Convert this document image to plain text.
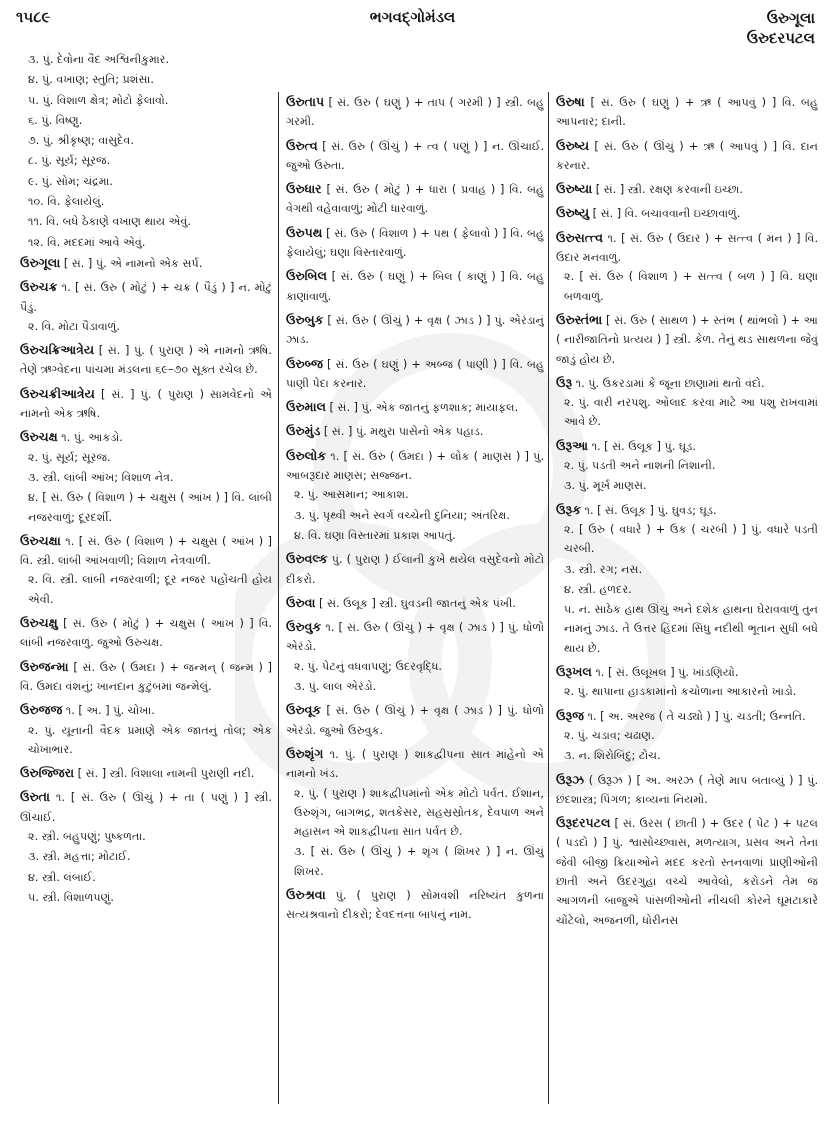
૧૫૮૯	ભગવદ્ગોમંડલ	ઉરુગૂલા
ઉરુદરપટલ
૩. પું. દેવોના વૈદ અશ્વિનીકુમાર.
૪. પું. વખાણ; સ્તુતિ; પ્રશંસા.
૫. પું. વિશાળ ક્ષેત્ર; મોટો ફેલાવો.
૬. પું. વિષ્ણુ.
૭. પું. શ્રીકૃષ્ણ; વાસુદેવ.
૮. પું. સૂર્ય; સૂરજ.
૯. પું. સોમ; ચંદ્રમા.
૧૦. વિ. ફેલાયેલું.
૧૧. વિ. બધે ઠેકાણે વખાણ થાય એવું.
૧૨. વિ. મદદમાં આવે એવું.
ઉરુગૂલા [ સં. ] પું. એ નામનો એક સર્પ.
ઉરુચક્ર ૧. [ સં. ઉરુ ( મોટું ) + ચક્ર ( પૈડું ) ] ન. મોટું પૈડું.
૨. વિ. મોટા પૈડાવાળું.
ઉરુચક્રિઆત્રેય [ સં. ] પું. ( પુરાણ ) એ નામનો ઋષિ. તેણે ઋગ્વેદના પાંચમા મંડલના ૬૯–૭૦ સૂક્ત રચેલ છે.
ઉરુચક્રીઆત્રેય [ સં. ] પું. ( પુરાણ ) સામવેદનો એ નામનો એક ઋષિ.
ઉરુચક્ષ ૧. પું. આકડો.
૨. પું. સૂર્ય; સૂરજ.
૩. સ્ત્રી. લાંબી આંખ; વિશાળ નેત્ર.
૪. [ સં. ઉરુ ( વિશાળ ) + ચક્ષુસ ( આંખ ) ] વિ. લાંબી નજરવાળું; દૂરદર્શી.
ઉરુચક્ષા ૧. [ સં. ઉરુ ( વિશાળ ) + ચક્ષુસ ( આંખ ) ] વિ. સ્ત્રી. લાંબી આંખવાળી; વિશાળ નેત્રવાળી.
૨. વિ. સ્ત્રી. લાંબી નજરવાળી; દૂર નજર પહોંચતી હોય એવી.
ઉરુચક્ષુ [ સં. ઉરુ ( મોટું ) + ચક્ષુસ ( આંખ ) ] વિ. લાંબી નજરવાળું. જુઓ ઉરુચક્ષ.
ઉરુજન્મા [ સં. ઉરુ ( ઉમદા ) + જન્મન્ ( જન્મ ) ] વિ. ઉમદા વંશનું; ખાનદાન કુટુંબમાં જન્મેલું.
ઉરુજજ ૧. [ અ. ] પું. ચોખા.
૨. પું. યૂનાની વૈદક પ્રમાણે એક જાતનું તોલ; એક ચોખાભાર.
ઉરુજ્જિરા [ સં. ] સ્ત્રી. વિશાલા નામની પુરાણી નદી.
ઉરુતા ૧. [ સં. ઉરુ ( ઊંચું ) + તા ( પણું ) ] સ્ત્રી. ઊંચાઈ.
૨. સ્ત્રી. બહુપણું; પુષ્કળતા.
૩. સ્ત્રી. મહત્તા; મોટાઈ.
૪. સ્ત્રી. લંબાઈ.
૫. સ્ત્રી. વિશાળપણું.
ઉરુતાપ [ સં. ઉરુ ( ઘણું ) + તાપ ( ગરમી ) ] સ્ત્રી. બહુ ગરમી.
ઉરુત્વ [ સં. ઉરુ ( ઊંચું ) + ત્વ ( પણું ) ] ન. ઊંચાઈ. જુઓ ઉરુતા.
ઉરુધાર [ સં. ઉરુ ( મોટું ) + ધારા ( પ્રવાહ ) ] વિ. બહુ વેગથી વહેવાવાળું; મોટી ધારવાળું.
ઉરુપથ [ સં. ઉરુ ( વિશાળ ) + પથ ( ફેલાવો ) ] વિ. બહુ ફેલાયેલું; ઘણા વિસ્તારવાળું.
ઉરુબિલ [ સં. ઉરુ ( ઘણું ) + બિલ ( કાણું ) ] વિ. બહુ કાણાંવાળું.
ઉરુબુક [ સં. ઉરુ ( ઊંચું ) + વૃક્ષ ( ઝાડ ) ] પું. એરંડાનું ઝાડ.
ઉરુબ્જ [ સં. ઉરુ ( ઘણું ) + અબ્જ ( પાણી ) ] વિ. બહુ પાણી પેદા કરનાર.
ઉરુમાલ [ સં. ] પું. એક જાતનું ફળશાક; માયાફલ.
ઉરુમુંડ [ સં. ] પું. મથુરા પાસેનો એક પહાડ.
ઉરુલોક ૧. [ સં. ઉરુ ( ઉમદા ) + લોક ( માણસ ) ] પું. આબરૂદાર માણસ; સજ્જન.
૨. પું. આસમાન; આકાશ.
૩. પું. પૃથ્વી અને સ્વર્ગ વચ્ચેની દુનિયા; અંતરિક્ષ.
૪. વિ. ઘણા વિસ્તારમાં પ્રકાશ આપતું.
ઉરુવલ્ક પું. ( પુરાણ ) ઈલાની કુખે થયેલ વસુદેવનો મોટો દીકરો.
ઉરુવા [ સં. ઉલૂક ] સ્ત્રી. ઘુવડની જાતનું એક પંખી.
ઉરુવુક ૧. [ સં. ઉરુ ( ઊંચું ) + વૃક્ષ ( ઝાડ ) ] પું. ધોળો એરંડો.
૨. પું. પેટનું વધવાપણું; ઉદરવૃદ્ધિ.
૩. પું. લાલ એરંડો.
ઉરુવૂક [ સં. ઉરુ ( ઊંચું ) + વૃક્ષ ( ઝાડ ) ] પું. ધોળો એરંડો. જુઓ ઉરુવુક.
ઉરુશૃંગ ૧. પું. ( પુરાણ ) શાકદ્વીપના સાત માંહેનો એ નામનો ખંડ.
૨. પું. ( પુરાણ ) શાકદ્વીપમાંનો એક મોટો પર્વત. ઈશાન, ઉરુશૃંગ, બાગભદ્ર, શતકેસર, સહસ્રસ્રોતક, દેવપાળ અને મહાસન એ શાકદ્વીપના સાત પર્વત છે.
૩. [ સં. ઉરુ ( ઊંચું ) + શૃંગ ( શિખર ) ] ન. ઊંચું શિખર.
ઉરુશ્રવા પું. ( પુરાણ ) સોમવંશી નરિષ્યંત કુળના સત્યશ્રવાનો દીકરો; દેવદત્તના બાપનું નામ.
ઉરુષા [ સં. ઉરુ ( ઘણું ) + ઋ ( આપવું ) ] વિ. બહુ આપનાર; દાની.
ઉરુષ્ય [ સં. ઉરુ ( ઊંચું ) + ઋ ( આપવું ) ] વિ. દાન કરનાર.
ઉરુષ્યા [ સં. ] સ્ત્રી. રક્ષણ કરવાની ઇચ્છા.
ઉરુષ્યુ [ સં. ] વિ. બચાવવાની ઇચ્છાવાળું.
ઉરુસત્ત્વ ૧. [ સં. ઉરુ ( ઉદાર ) + સત્ત્વ ( મન ) ] વિ. ઉદાર મનવાળું.
૨. [ સં. ઉરુ ( વિશાળ ) + સત્ત્વ ( બળ ) ] વિ. ઘણા બળવાળું.
ઉરુસ્તંભા [ સં. ઉરુ ( સાથળ ) + સ્તંભ ( થાંભલો ) + આ ( નારીજાતિનો પ્રત્યય ) ] સ્ત્રી. કેળ. તેનું થડ સાથળના જેવું જાડું હોય છે.
ઉરૂ ૧. પું. ઉકરડામાં કે જૂના છાણામાં થતો વંદો.
૨. પું. વારી નરપશુ. ઓલાદ કરવા માટે આ પશુ રાખવામાં આવે છે.
ઉરૂઆ ૧. [ સં. ઉલૂક ] પું. ઘૂડ.
૨. પું. પડતી અને નાશની નિશાની.
૩. પું. મૂર્ખ માણસ.
ઉરૂક ૧. [ સં. ઉલૂક ] પું. ઘુવડ; ઘૂડ.
૨. [ ઉરુ ( વધારે ) + ઉક ( ચરબી ) ] પું. વધારે પડતી ચરબી.
૩. સ્ત્રી. રગ; નસ.
૪. સ્ત્રી. હળદર.
૫. ન. સાઠેક હાથ ઊંચું અને દશેક હાથના ઘેરાવવાળું તુન નામનું ઝાડ. તે ઉત્તર હિંદમાં સિંધુ નદીથી ભૂતાન સુધી બધે થાય છે.
ઉરૂખલ ૧. [ સં. ઉલૂખલ ] પું. ખાંડણિયો.
૨. પું. થાપાના હાડકામાંનો કચોળાના આકારનો ખાડો.
ઉરૂજ ૧. [ અ. અરજ ( તે ચડ્યો ) ] પું. ચડતી; ઉન્નતિ.
૨. પું. ચડાવ; ચઢાણ.
૩. ન. શિરોબિંદુ; ટોચ.
ઉરૂઝ ( ઉરૂઝ ) [ અ. અરઝ ( તેણે માપ બતાવ્યું ) ] પું. છંદશાસ્ત્ર; પિંગળ; કાવ્યનાં નિયમો.
ઉરૂદરપટલ [ સં. ઉરસ ( છાતી ) + ઉદર ( પેટ ) + પટલ ( પડદો ) ] પું. શ્વાસોચ્છ્વાસ, મળત્યાગ, પ્રસવ અને તેના જેવી બીજી ક્રિયાઓને મદદ કરતો સ્તનવાળાં પ્રાણીઓની છાતી અને ઉદરગુહા વચ્ચે આવેલો, કરોડને તેમ જ આગળની બાજુએ પાંસળીઓની નીચલી કોરને ઘૂમટાકારે ચોંટેલો, અજનળી, ધોરીનસ
